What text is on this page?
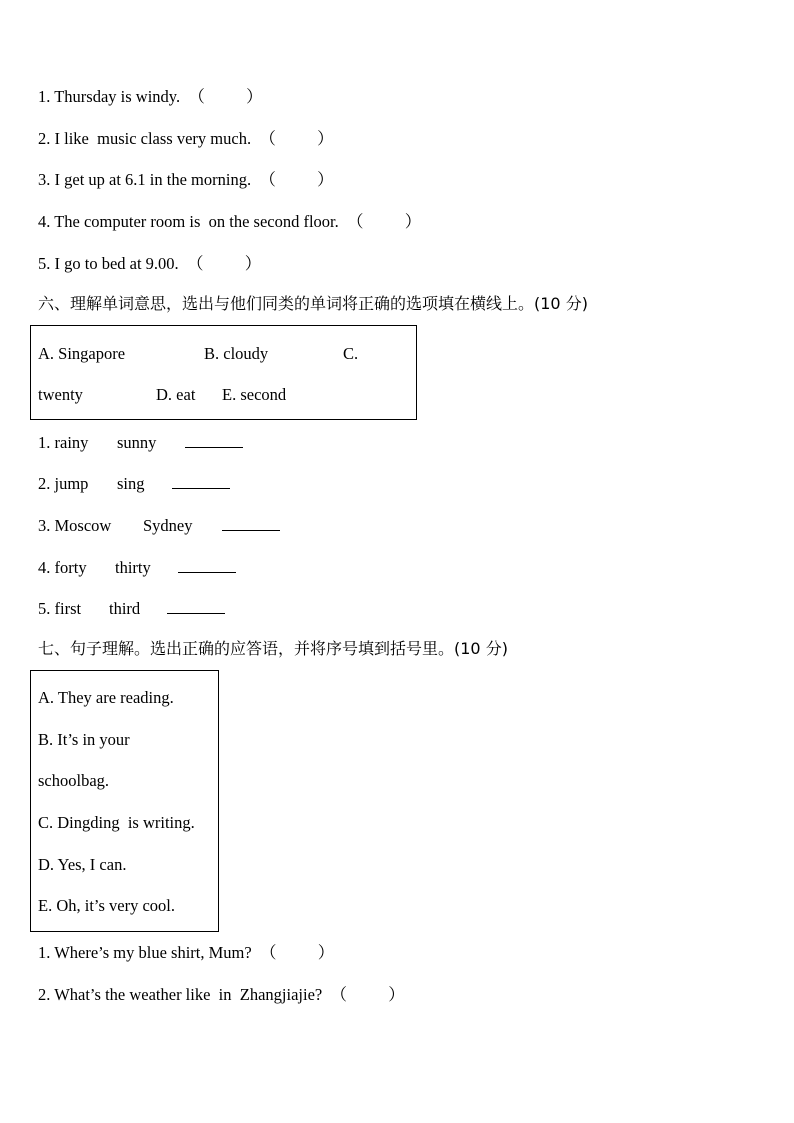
1. Thursday is windy. （          ）
2. I like  music class very much. （          ）
3. I get up at 6.1 in the morning. （          ）
4. The computer room is  on the second floor. （          ）
5. I go to bed at 9.00. （          ）
六、理解单词意思，选出与他们同类的单词将正确的选项填在横线上。(10 分)
A. Singapore	B. cloudy	C.
twenty	D. eat E. second
1. rainy sunny
2. jump sing
3. Moscow Sydney
4. forty thirty
5. first third
七、句子理解。选出正确的应答语，并将序号填到括号里。(10 分)
A. They are reading.
B. It’s in your
schoolbag.
C. Dingding  is writing.
D. Yes, I can.
E. Oh, it’s very cool.
1. Where’s my blue shirt, Mum? （          ）
2. What’s the weather like  in  Zhangjiajie? （          ）
